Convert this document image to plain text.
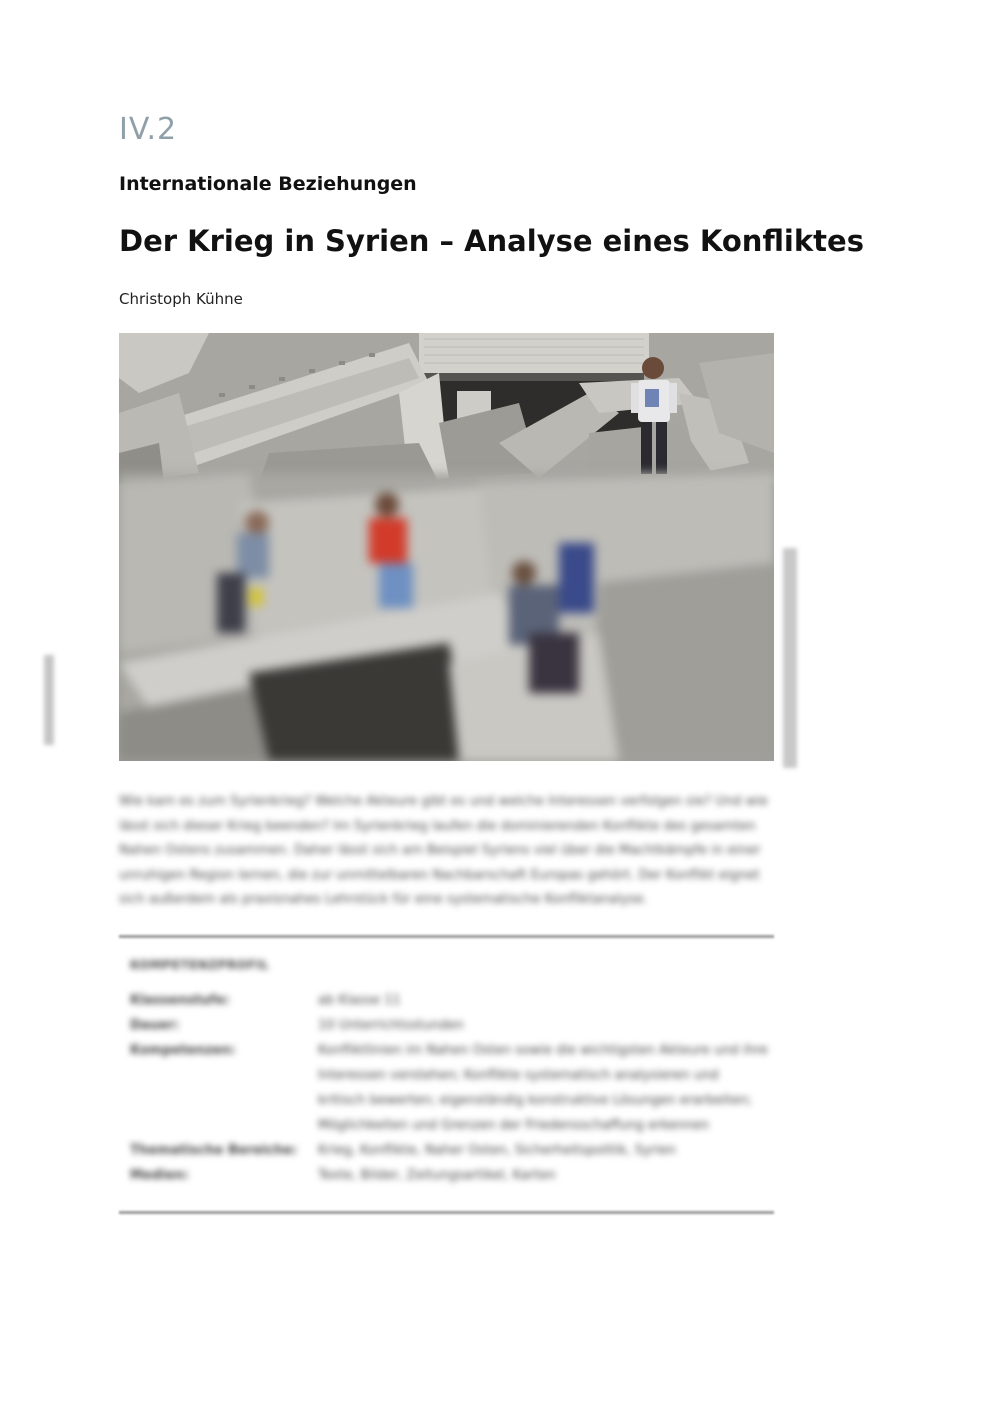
IV.2
Internationale Beziehungen
Der Krieg in Syrien – Analyse eines Konfliktes
Christoph Kühne
Wie kam es zum Syrienkrieg? Welche Akteure gibt es und welche Interessen verfolgen sie? Und wie lässt sich dieser Krieg beenden? Im Syrienkrieg laufen die dominierenden Konflikte des gesamten Nahen Ostens zusammen. Daher lässt sich am Beispiel Syriens viel über die Machtkämpfe in einer unruhigen Region lernen, die zur unmittelbaren Nachbarschaft Europas gehört. Der Konflikt eignet sich außerdem als praxisnahes Lehrstück für eine systematische Konfliktanalyse.
KOMPETENZPROFIL
Klassenstufe:	ab Klasse 11
Dauer:	10 Unterrichtsstunden
Kompetenzen:	Konfliktlinien im Nahen Osten sowie die wichtigsten Akteure und ihre Interessen verstehen; Konflikte systematisch analysieren und kritisch bewerten; eigenständig konstruktive Lösungen erarbeiten; Möglichkeiten und Grenzen der Friedensschaffung erkennen
Thematische Bereiche:	Krieg, Konflikte, Naher Osten, Sicherheitspolitik, Syrien
Medien:	Texte, Bilder, Zeitungsartikel, Karten
